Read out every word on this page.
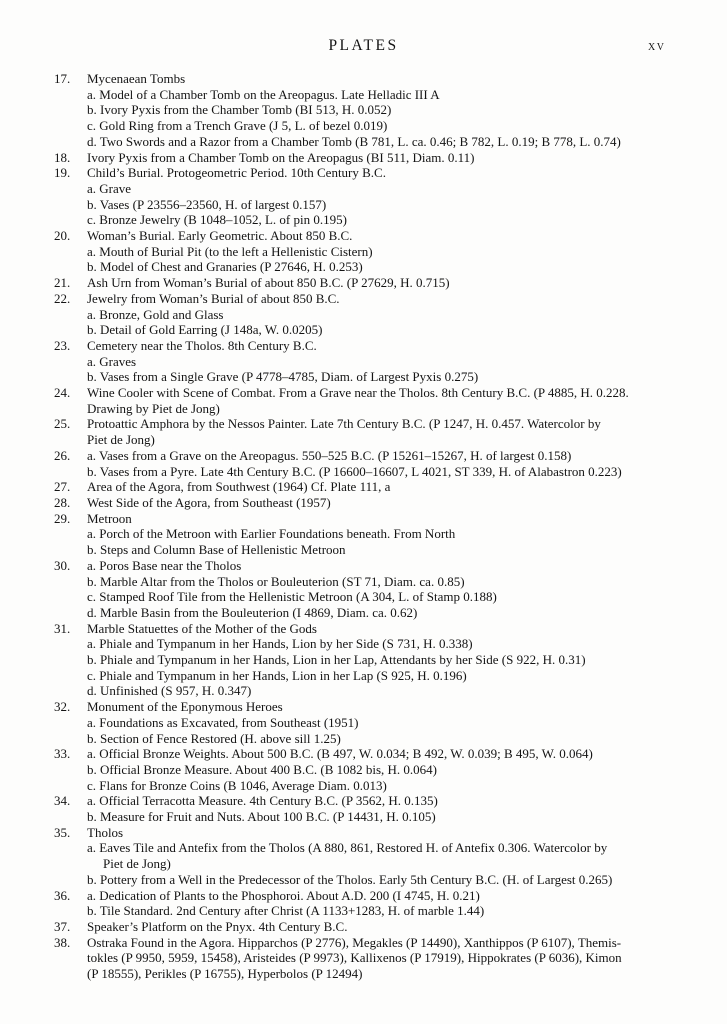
PLATES	xv
17.	Mycenaean Tombs
a. Model of a Chamber Tomb on the Areopagus. Late Helladic III A
b. Ivory Pyxis from the Chamber Tomb (BI 513, H. 0.052)
c. Gold Ring from a Trench Grave (J 5, L. of bezel 0.019)
d. Two Swords and a Razor from a Chamber Tomb (B 781, L. ca. 0.46; B 782, L. 0.19; B 778, L. 0.74)
18.	Ivory Pyxis from a Chamber Tomb on the Areopagus (BI 511, Diam. 0.11)
19.	Child’s Burial. Protogeometric Period. 10th Century B.C.
a. Grave
b. Vases (P 23556–23560, H. of largest 0.157)
c. Bronze Jewelry (B 1048–1052, L. of pin 0.195)
20.	Woman’s Burial. Early Geometric. About 850 B.C.
a. Mouth of Burial Pit (to the left a Hellenistic Cistern)
b. Model of Chest and Granaries (P 27646, H. 0.253)
21.	Ash Urn from Woman’s Burial of about 850 B.C. (P 27629, H. 0.715)
22.	Jewelry from Woman’s Burial of about 850 B.C.
a. Bronze, Gold and Glass
b. Detail of Gold Earring (J 148a, W. 0.0205)
23.	Cemetery near the Tholos. 8th Century B.C.
a. Graves
b. Vases from a Single Grave (P 4778–4785, Diam. of Largest Pyxis 0.275)
24.	Wine Cooler with Scene of Combat. From a Grave near the Tholos. 8th Century B.C. (P 4885, H. 0.228.
Drawing by Piet de Jong)
25.	Protoattic Amphora by the Nessos Painter. Late 7th Century B.C. (P 1247, H. 0.457. Watercolor by
Piet de Jong)
26.	a. Vases from a Grave on the Areopagus. 550–525 B.C. (P 15261–15267, H. of largest 0.158)
b. Vases from a Pyre. Late 4th Century B.C. (P 16600–16607, L 4021, ST 339, H. of Alabastron 0.223)
27.	Area of the Agora, from Southwest (1964) Cf. Plate 111, a
28.	West Side of the Agora, from Southeast (1957)
29.	Metroon
a. Porch of the Metroon with Earlier Foundations beneath. From North
b. Steps and Column Base of Hellenistic Metroon
30.	a. Poros Base near the Tholos
b. Marble Altar from the Tholos or Bouleuterion (ST 71, Diam. ca. 0.85)
c. Stamped Roof Tile from the Hellenistic Metroon (A 304, L. of Stamp 0.188)
d. Marble Basin from the Bouleuterion (I 4869, Diam. ca. 0.62)
31.	Marble Statuettes of the Mother of the Gods
a. Phiale and Tympanum in her Hands, Lion by her Side (S 731, H. 0.338)
b. Phiale and Tympanum in her Hands, Lion in her Lap, Attendants by her Side (S 922, H. 0.31)
c. Phiale and Tympanum in her Hands, Lion in her Lap (S 925, H. 0.196)
d. Unfinished (S 957, H. 0.347)
32.	Monument of the Eponymous Heroes
a. Foundations as Excavated, from Southeast (1951)
b. Section of Fence Restored (H. above sill 1.25)
33.	a. Official Bronze Weights. About 500 B.C. (B 497, W. 0.034; B 492, W. 0.039; B 495, W. 0.064)
b. Official Bronze Measure. About 400 B.C. (B 1082 bis, H. 0.064)
c. Flans for Bronze Coins (B 1046, Average Diam. 0.013)
34.	a. Official Terracotta Measure. 4th Century B.C. (P 3562, H. 0.135)
b. Measure for Fruit and Nuts. About 100 B.C. (P 14431, H. 0.105)
35.	Tholos
a. Eaves Tile and Antefix from the Tholos (A 880, 861, Restored H. of Antefix 0.306. Watercolor by
Piet de Jong)
b. Pottery from a Well in the Predecessor of the Tholos. Early 5th Century B.C. (H. of Largest 0.265)
36.	a. Dedication of Plants to the Phosphoroi. About A.D. 200 (I 4745, H. 0.21)
b. Tile Standard. 2nd Century after Christ (A 1133+1283, H. of marble 1.44)
37.	Speaker’s Platform on the Pnyx. 4th Century B.C.
38.	Ostraka Found in the Agora. Hipparchos (P 2776), Megakles (P 14490), Xanthippos (P 6107), Themis-
tokles (P 9950, 5959, 15458), Aristeides (P 9973), Kallixenos (P 17919), Hippokrates (P 6036), Kimon
(P 18555), Perikles (P 16755), Hyperbolos (P 12494)
